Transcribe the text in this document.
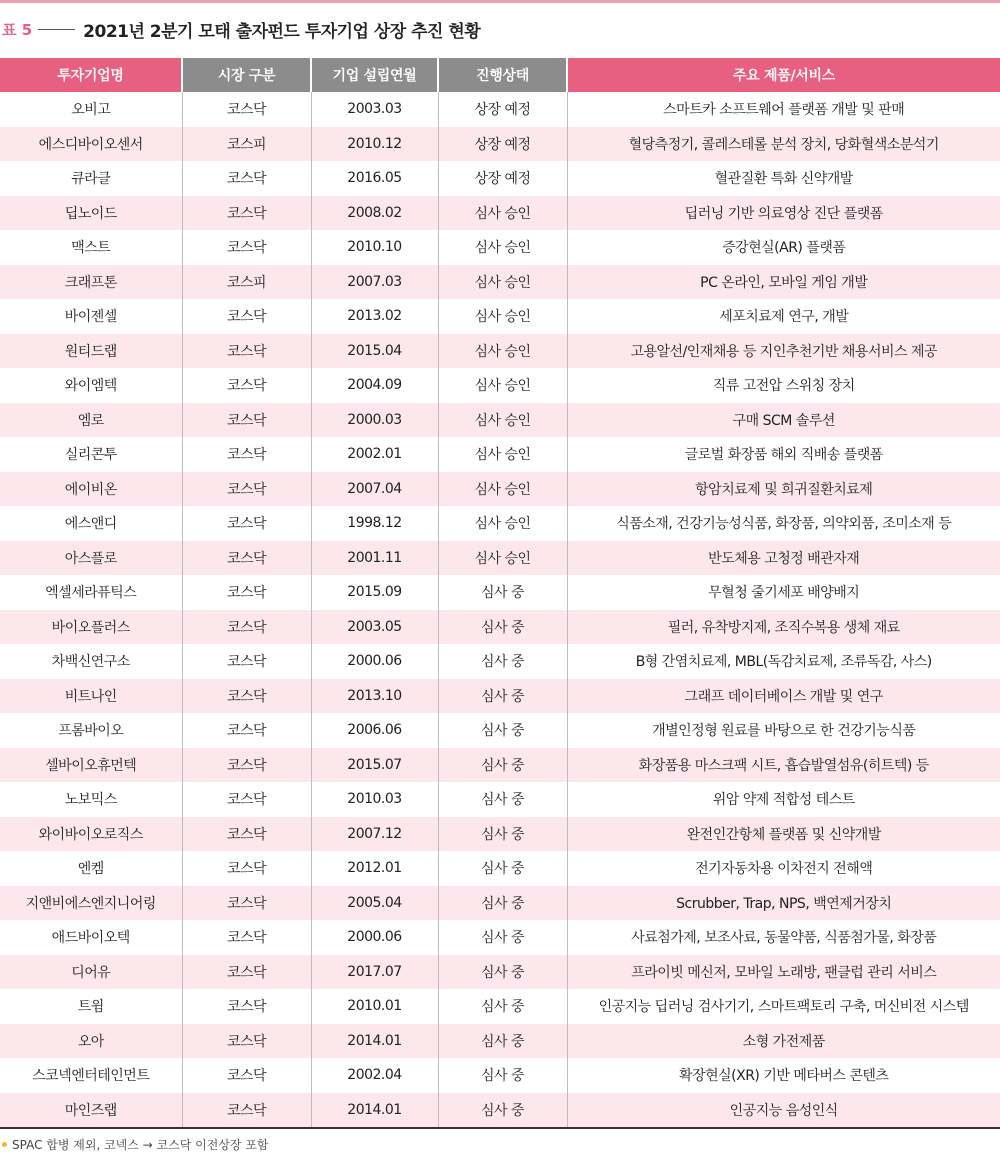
표 5	2021년 2분기 모태 출자펀드 투자기업 상장 추진 현황
투자기업명	시장 구분	기업 설립연월	진행상태	주요 제품/서비스
오비고	코스닥	2003.03	상장 예정	스마트카 소프트웨어 플랫폼 개발 및 판매
에스디바이오센서	코스피	2010.12	상장 예정	혈당측정기, 콜레스테롤 분석 장치, 당화혈색소분석기
큐라클	코스닥	2016.05	상장 예정	혈관질환 특화 신약개발
딥노이드	코스닥	2008.02	심사 승인	딥러닝 기반 의료영상 진단 플랫폼
맥스트	코스닥	2010.10	심사 승인	증강현실(AR) 플랫폼
크래프톤	코스피	2007.03	심사 승인	PC 온라인, 모바일 게임 개발
바이젠셀	코스닥	2013.02	심사 승인	세포치료제 연구, 개발
원티드랩	코스닥	2015.04	심사 승인	고용알선/인재채용 등 지인추천기반 채용서비스 제공
와이엠텍	코스닥	2004.09	심사 승인	직류 고전압 스위칭 장치
엠로	코스닥	2000.03	심사 승인	구매 SCM 솔루션
실리콘투	코스닥	2002.01	심사 승인	글로벌 화장품 해외 직배송 플랫폼
에이비온	코스닥	2007.04	심사 승인	항암치료제 및 희귀질환치료제
에스앤디	코스닥	1998.12	심사 승인	식품소재, 건강기능성식품, 화장품, 의약외품, 조미소재 등
아스플로	코스닥	2001.11	심사 승인	반도체용 고청정 배관자재
엑셀세라퓨틱스	코스닥	2015.09	심사 중	무혈청 줄기세포 배양배지
바이오플러스	코스닥	2003.05	심사 중	필러, 유착방지제, 조직수복용 생체 재료
차백신연구소	코스닥	2000.06	심사 중	B형 간염치료제, MBL(독감치료제, 조류독감, 사스)
비트나인	코스닥	2013.10	심사 중	그래프 데이터베이스 개발 및 연구
프롬바이오	코스닥	2006.06	심사 중	개별인정형 원료를 바탕으로 한 건강기능식품
셀바이오휴먼텍	코스닥	2015.07	심사 중	화장품용 마스크팩 시트, 흡습발열섬유(히트텍) 등
노보믹스	코스닥	2010.03	심사 중	위암 약제 적합성 테스트
와이바이오로직스	코스닥	2007.12	심사 중	완전인간항체 플랫폼 및 신약개발
엔켐	코스닥	2012.01	심사 중	전기자동차용 이차전지 전해액
지앤비에스엔지니어링	코스닥	2005.04	심사 중	Scrubber, Trap, NPS, 백연제거장치
애드바이오텍	코스닥	2000.06	심사 중	사료첨가제, 보조사료, 동물약품, 식품첨가물, 화장품
디어유	코스닥	2017.07	심사 중	프라이빗 메신저, 모바일 노래방, 팬클럽 관리 서비스
트윔	코스닥	2010.01	심사 중	인공지능 딥러닝 검사기기, 스마트팩토리 구축, 머신비전 시스템
오아	코스닥	2014.01	심사 중	소형 가전제품
스코넥엔터테인먼트	코스닥	2002.04	심사 중	확장현실(XR) 기반 메타버스 콘텐츠
마인즈랩	코스닥	2014.01	심사 중	인공지능 음성인식
SPAC 합병 제외, 코넥스 → 코스닥 이전상장 포함
